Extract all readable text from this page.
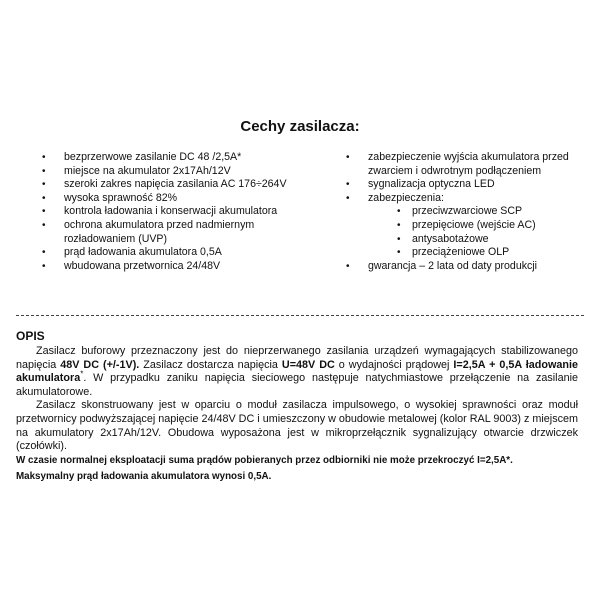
Cechy zasilacza:
• bezprzerwowe zasilanie DC 48 /2,5A*
• miejsce na akumulator 2x17Ah/12V
• szeroki zakres napięcia zasilania AC 176÷264V
• wysoka sprawność 82%
• kontrola ładowania i konserwacji akumulatora
• ochrona akumulatora przed nadmiernym rozładowaniem (UVP)
• prąd ładowania akumulatora 0,5A
• wbudowana przetwornica 24/48V
• zabezpieczenie wyjścia akumulatora przed zwarciem i odwrotnym podłączeniem
• sygnalizacja optyczna LED
• zabezpieczenia:
• przeciwzwarciowe SCP
• przepięciowe (wejście AC)
• antysabotażowe
• przeciążeniowe OLP
• gwarancja – 2 lata od daty produkcji
OPIS

Zasilacz buforowy przeznaczony jest do nieprzerwanego zasilania urządzeń wymagających stabilizowanego napięcia 48V DC (+/-1V). Zasilacz dostarcza napięcia U=48V DC o wydajności prądowej I=2,5A + 0,5A ładowanie akumulatora*. W przypadku zaniku napięcia sieciowego następuje natychmiastowe przełączenie na zasilanie akumulatorowe.

Zasilacz skonstruowany jest w oparciu o moduł zasilacza impulsowego, o wysokiej sprawności oraz moduł przetwornicy podwyższającej napięcie 24/48V DC i umieszczony w obudowie metalowej (kolor RAL 9003) z miejscem na akumulatory 2x17Ah/12V. Obudowa wyposażona jest w mikroprzełącznik sygnalizujący otwarcie drzwiczek (czołówki).

W czasie normalnej eksploatacji suma prądów pobieranych przez odbiorniki nie może przekroczyć I=2,5A*.

Maksymalny prąd ładowania akumulatora wynosi 0,5A.
